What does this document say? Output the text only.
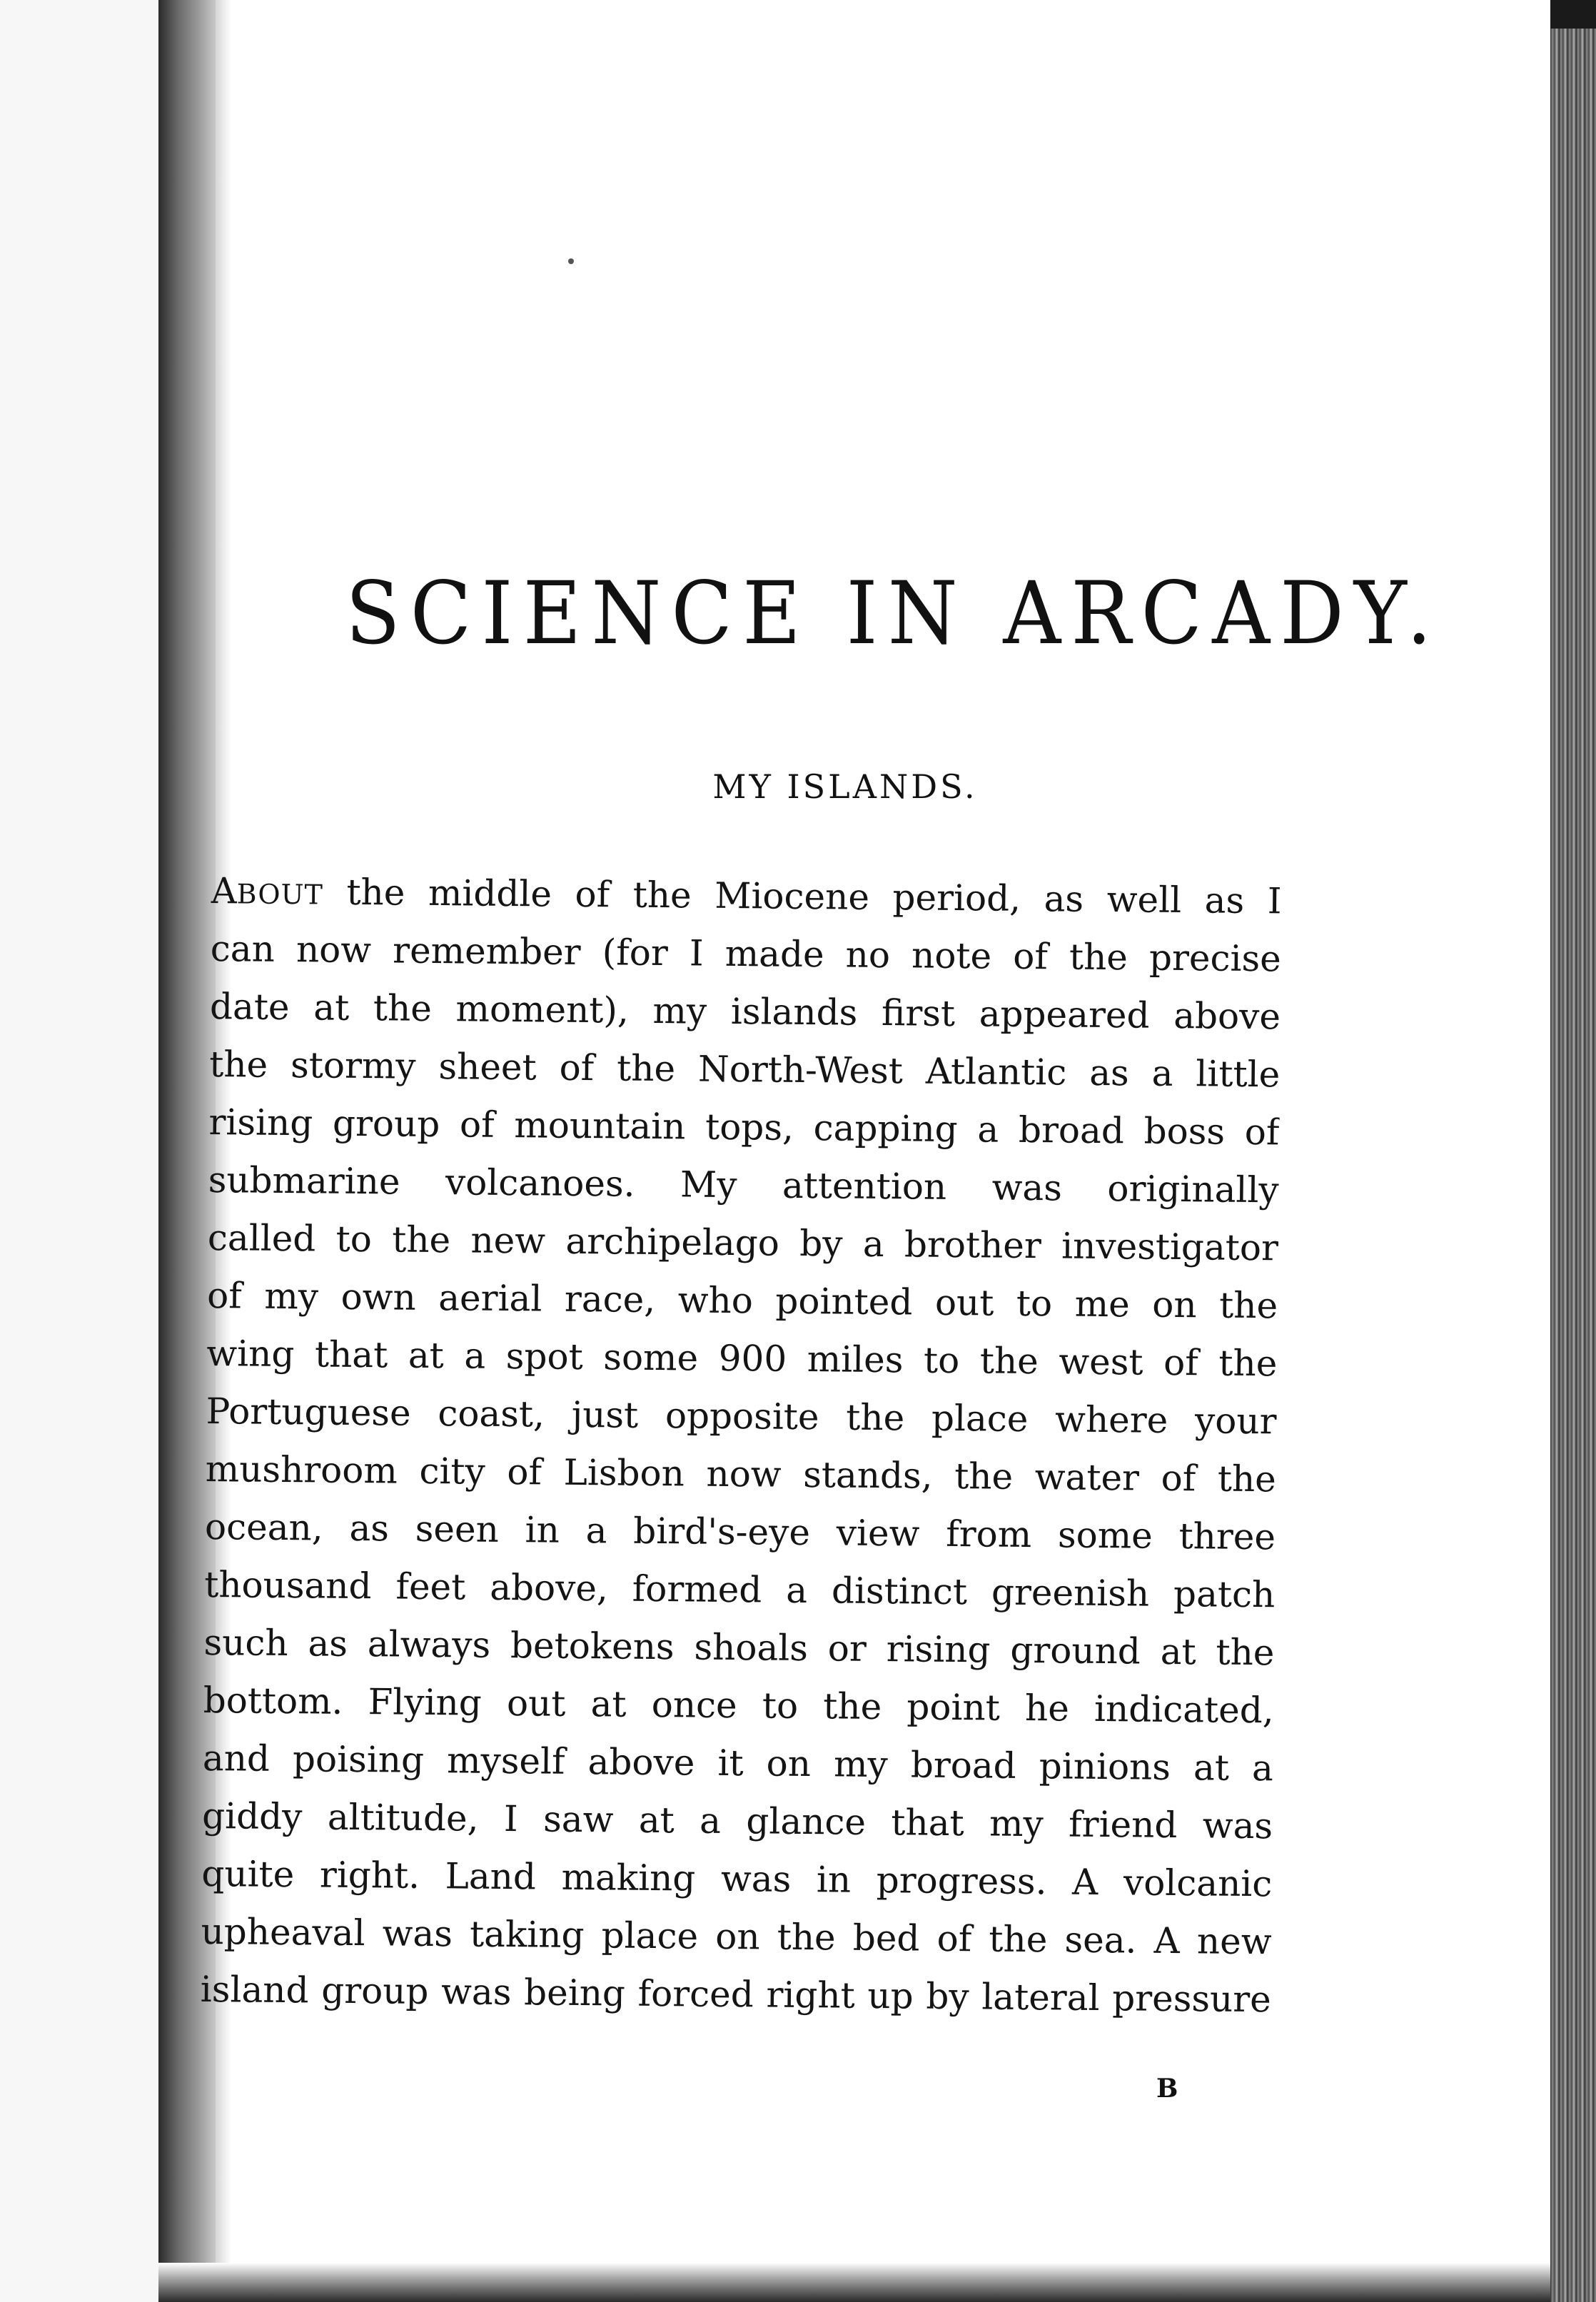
SCIENCE IN ARCADY.
MY ISLANDS.
ABOUT the middle of the Miocene period, as well as I
can now remember (for I made no note of the precise
date at the moment), my islands first appeared above
the stormy sheet of the North-West Atlantic as a little
rising group of mountain tops, capping a broad boss of
submarine volcanoes. My attention was originally
called to the new archipelago by a brother investigator
of my own aerial race, who pointed out to me on the
wing that at a spot some 900 miles to the west of the
Portuguese coast, just opposite the place where your
mushroom city of Lisbon now stands, the water of the
ocean, as seen in a bird's-eye view from some three
thousand feet above, formed a distinct greenish patch
such as always betokens shoals or rising ground at the
bottom. Flying out at once to the point he indicated,
and poising myself above it on my broad pinions at a
giddy altitude, I saw at a glance that my friend was
quite right. Land making was in progress. A volcanic
upheaval was taking place on the bed of the sea. A new
island group was being forced right up by lateral pressure
B
